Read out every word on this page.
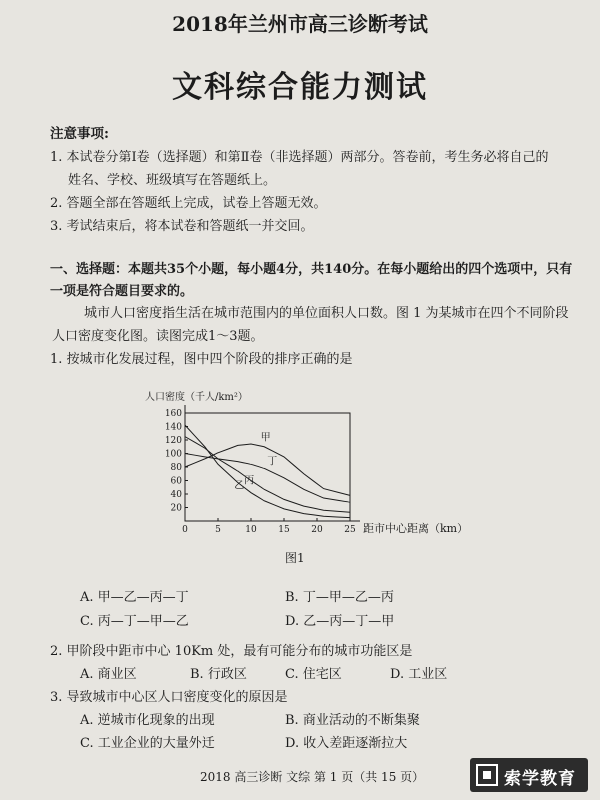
2018年兰州市高三诊断考试
文科综合能力测试
注意事项:
1. 本试卷分第Ⅰ卷（选择题）和第Ⅱ卷（非选择题）两部分。答卷前，考生务必将自己的
姓名、学校、班级填写在答题纸上。
2. 答题全部在答题纸上完成，试卷上答题无效。
3. 考试结束后，将本试卷和答题纸一并交回。
一、选择题：本题共35个小题，每小题4分，共140分。在每小题给出的四个选项中，只有
一项是符合题目要求的。
城市人口密度指生活在城市范围内的单位面积人口数。图 1 为某城市在四个不同阶段
人口密度变化图。读图完成1～3题。
1. 按城市化发展过程，图中四个阶段的排序正确的是
0	5	10 15 20 25
20
40
60
80
100
120
140
160
甲
丁
丙
乙
人口密度（千人/km²）
距市中心距离（km）
图1
A. 甲—乙—丙—丁	B. 丁—甲—乙—丙
C. 丙—丁—甲—乙	D. 乙—丙—丁—甲
2. 甲阶段中距市中心 10Km 处，最有可能分布的城市功能区是
A. 商业区	B. 行政区	C. 住宅区	D. 工业区
3. 导致城市中心区人口密度变化的原因是
A. 逆城市化现象的出现	B. 商业活动的不断集聚
C. 工业企业的大量外迁	D. 收入差距逐渐拉大
2018 高三诊断 文综 第 1 页（共 15 页）	索学教育
